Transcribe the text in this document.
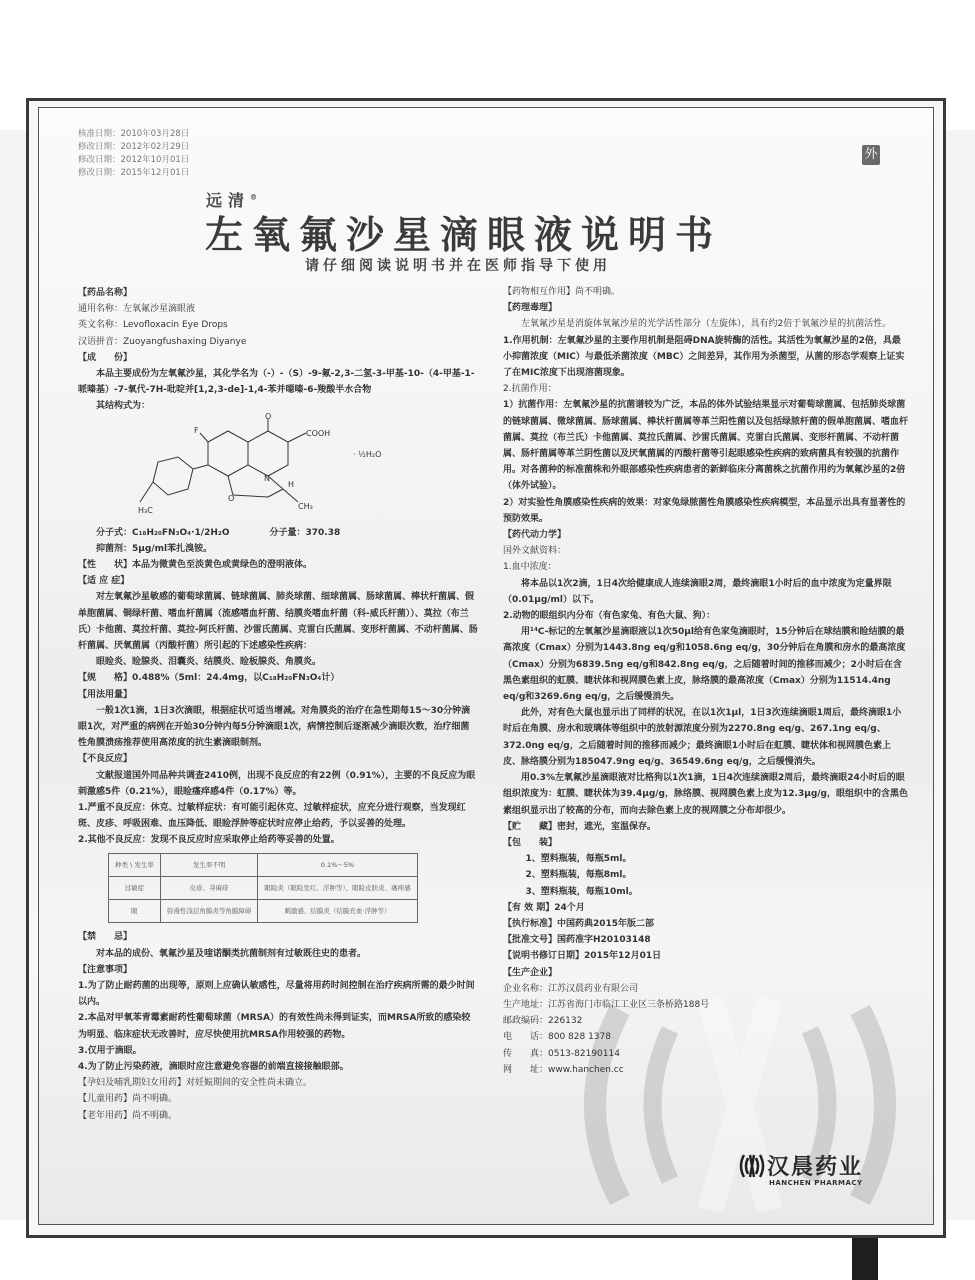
核准日期：2010年03月28日
修改日期：2012年02月29日
修改日期：2012年10月01日
修改日期：2015年12月01日
外
远清®
左氧氟沙星滴眼液说明书
请仔细阅读说明书并在医师指导下使用

【药品名称】

通用名称：左氧氟沙星滴眼液

英文名称：Levofloxacin Eye Drops

汉语拼音：Zuoyangfushaxing Diyanye

【成　　份】

本品主要成份为左氧氟沙星，其化学名为（-）-（S）-9-氟-2,3-二氢-3-甲基-10-（4-甲基-1-哌嗪基）-7-氧代-7H-吡啶并[1,2,3-de]-1,4-苯并噁嗪-6-羧酸半水合物

其结构式为：

F
O
COOH
N
H
O
CH₃
H₃C
· ½H₂O

分子式：C₁₈H₂₀FN₃O₄·1/2H₂O	分子量：370.38

抑菌剂：5μg/ml苯扎溴铵。

【性　　状】本品为微黄色至淡黄色或黄绿色的澄明液体。

【适 应 症】

对左氧氟沙星敏感的葡萄球菌属、链球菌属、肺炎球菌、细球菌属、肠球菌属、棒状杆菌属、假单胞菌属、铜绿杆菌、嗜血杆菌属（流感嗜血杆菌、结膜炎嗜血杆菌（科-威氏杆菌））、莫拉（布兰氏）卡他菌、莫拉杆菌、莫拉-阿氏杆菌、沙雷氏菌属、克雷白氏菌属、变形杆菌属、不动杆菌属、肠杆菌属、厌氧菌属（丙酸杆菌）所引起的下述感染性疾病：

眼睑炎、睑腺炎、泪囊炎、结膜炎、睑板腺炎、角膜炎。

【规　　格】0.488%（5ml：24.4mg，以C₁₈H₂₀FN₃O₄计）

【用法用量】

一般1次1滴，1日3次滴眼，根据症状可适当增减。对角膜炎的治疗在急性期每15～30分钟滴眼1次，对严重的病例在开始30分钟内每5分钟滴眼1次，病情控制后逐渐减少滴眼次数，治疗细菌性角膜溃疡推荐使用高浓度的抗生素滴眼制剂。

【不良反应】

文献报道国外同品种共调查2410例，出现不良反应的有22例（0.91%），主要的不良反应为眼刺激感5件（0.21%），眼睑瘙痒感4件（0.17%）等。

1.严重不良反应：休克、过敏样症状：有可能引起休克、过敏样症状，应充分进行观察，当发现红斑、皮疹、呼吸困难、血压降低、眼睑浮肿等症状时应停止给药，予以妥善的处理。

2.其他不良反应：发现不良反应时应采取停止给药等妥善的处置。

种类 \ 发生率	发生率不明	0.1%～5%
过敏症	皮疹、荨麻疹	眼睑炎（眼睑发红、浮肿等）、眼睑皮肤炎、瘙痒感
眼	弥漫性浅层角膜炎等角膜障碍	刺激感、结膜炎（结膜充血·浮肿等）

【禁　　忌】

对本品的成份、氧氟沙星及喹诺酮类抗菌制剂有过敏既往史的患者。

【注意事项】

1.为了防止耐药菌的出现等，原则上应确认敏感性，尽量将用药时间控制在治疗疾病所需的最少时间以内。

2.本品对甲氧苯青霉素耐药性葡萄球菌（MRSA）的有效性尚未得到证实，而MRSA所致的感染较为明显、临床症状无改善时，应尽快使用抗MRSA作用较强的药物。

3.仅用于滴眼。

4.为了防止污染药液，滴眼时应注意避免容器的前端直接接触眼部。

【孕妇及哺乳期妇女用药】对妊娠期间的安全性尚未确立。

【儿童用药】尚不明确。

【老年用药】尚不明确。

【药物相互作用】尚不明确。

【药理毒理】

左氧氟沙星是消旋体氧氟沙星的光学活性部分（左旋体），具有约2倍于氧氟沙星的抗菌活性。

1.作用机制：左氧氟沙星的主要作用机制是阻碍DNA旋转酶的活性。其活性为氧氟沙星的2倍，具最小抑菌浓度（MIC）与最低杀菌浓度（MBC）之间差异，其作用为杀菌型，从菌的形态学观察上证实了在MIC浓度下出现溶菌现象。

2.抗菌作用：

1）抗菌作用：左氧氟沙星的抗菌谱较为广泛，本品的体外试验结果显示对葡萄球菌属、包括肺炎球菌的链球菌属、微球菌属、肠球菌属、棒状杆菌属等革兰阳性菌以及包括绿脓杆菌的假单胞菌属、嗜血杆菌属、莫拉（布兰氏）卡他菌属、莫拉氏菌属、沙雷氏菌属、克雷白氏菌属、变形杆菌属、不动杆菌属、肠杆菌属等革兰阴性菌以及厌氧菌属的丙酸杆菌等引起眼感染性疾病的致病菌具有较强的抗菌作用。对各菌种的标准菌株和外眼部感染性疾病患者的新鲜临床分离菌株之抗菌作用约为氧氟沙星的2倍（体外试验）。

2）对实验性角膜感染性疾病的效果：对家兔绿脓菌性角膜感染性疾病模型，本品显示出具有显著性的预防效果。

【药代动力学】

国外文献资料：

1.血中浓度：

将本品以1次2滴，1日4次给健康成人连续滴眼2周，最终滴眼1小时后的血中浓度为定量界限（0.01μg/ml）以下。

2.动物的眼组织内分布（有色家兔、有色大鼠、狗）：

用¹⁴C-标记的左氧氟沙星滴眼液以1次50μl给有色家兔滴眼时，15分钟后在球结膜和睑结膜的最高浓度（Cmax）分别为1443.8ng eq/g和1058.6ng eq/g，30分钟后在角膜和房水的最高浓度（Cmax）分别为6839.5ng eq/g和842.8ng eq/g，之后随着时间的推移而减少；2小时后在含黑色素组织的虹膜、睫状体和视网膜色素上皮，脉络膜的最高浓度（Cmax）分别为11514.4ng eq/g和3269.6ng eq/g，之后缓慢消失。

此外，对有色大鼠也显示出了同样的状况，在以1次1μl，1日3次连续滴眼1周后，最终滴眼1小时后在角膜、房水和玻璃体等组织中的放射源浓度分别为2270.8ng eq/g、267.1ng eq/g、372.0ng eq/g，之后随着时间的推移而减少；最终滴眼1小时后在虹膜、睫状体和视网膜色素上皮、脉络膜分别为185047.9ng eq/g、36549.6ng eq/g，之后缓慢消失。

用0.3%左氧氟沙星滴眼液对比格狗以1次1滴，1日4次连续滴眼2周后，最终滴眼24小时后的眼组织浓度为：虹膜、睫状体为39.4μg/g，脉络膜、视网膜色素上皮为12.3μg/g，眼组织中的含黑色素组织显示出了较高的分布，而向去除色素上皮的视网膜之分布却很少。

【贮　　藏】密封，遮光，室温保存。

【包　　装】

1、塑料瓶装，每瓶5ml。

2、塑料瓶装，每瓶8ml。

3、塑料瓶装，每瓶10ml。

【有 效 期】24个月

【执行标准】中国药典2015年版二部

【批准文号】国药准字H20103148

【说明书修订日期】2015年12月01日

【生产企业】

企业名称：江苏汉晨药业有限公司

生产地址：江苏省海门市临江工业区三条桥路188号

邮政编码：226132

电　　话：800 828 1378

传　　真：0513-82190114

网　　址：www.hanchen.cc

汉晨药业
HANCHEN PHARMACY
